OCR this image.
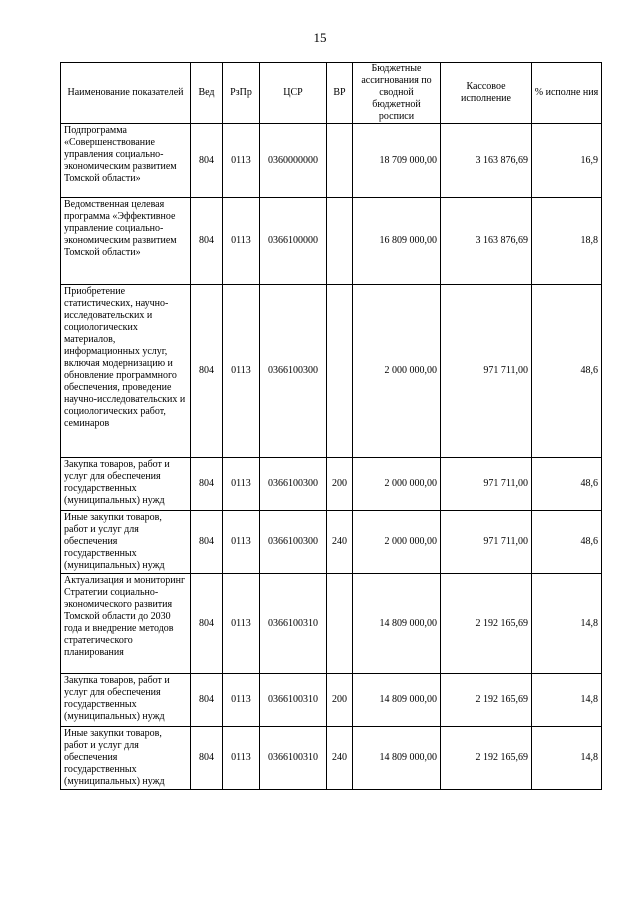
15
Наименование показателей	Вед	РзПр	ЦСР	ВР	Бюджетные ассигнования по сводной бюджетной росписи	Кассовое исполнение	% исполне ния
Подпрограмма «Совершенствование управления социально-экономическим развитием Томской области»	804	0113	0360000000		18 709 000,00	3 163 876,69	16,9
Ведомственная целевая программа «Эффективное управление социально-экономическим развитием Томской области»	804	0113	0366100000		16 809 000,00	3 163 876,69	18,8
Приобретение статистических, научно-исследовательских и социологических материалов, информационных услуг, включая модернизацию и обновление программного обеспечения, проведение научно-исследовательских и социологических работ, семинаров	804	0113	0366100300		2 000 000,00	971 711,00	48,6
Закупка товаров, работ и услуг для обеспечения государственных (муниципальных) нужд	804	0113	0366100300	200	2 000 000,00	971 711,00	48,6
Иные закупки товаров, работ и услуг для обеспечения государственных (муниципальных) нужд	804	0113	0366100300	240	2 000 000,00	971 711,00	48,6
Актуализация и мониторинг Стратегии социально-экономического развития Томской области до 2030 года и внедрение методов стратегического планирования	804	0113	0366100310		14 809 000,00	2 192 165,69	14,8
Закупка товаров, работ и услуг для обеспечения государственных (муниципальных) нужд	804	0113	0366100310	200	14 809 000,00	2 192 165,69	14,8
Иные закупки товаров, работ и услуг для обеспечения государственных (муниципальных) нужд	804	0113	0366100310	240	14 809 000,00	2 192 165,69	14,8
